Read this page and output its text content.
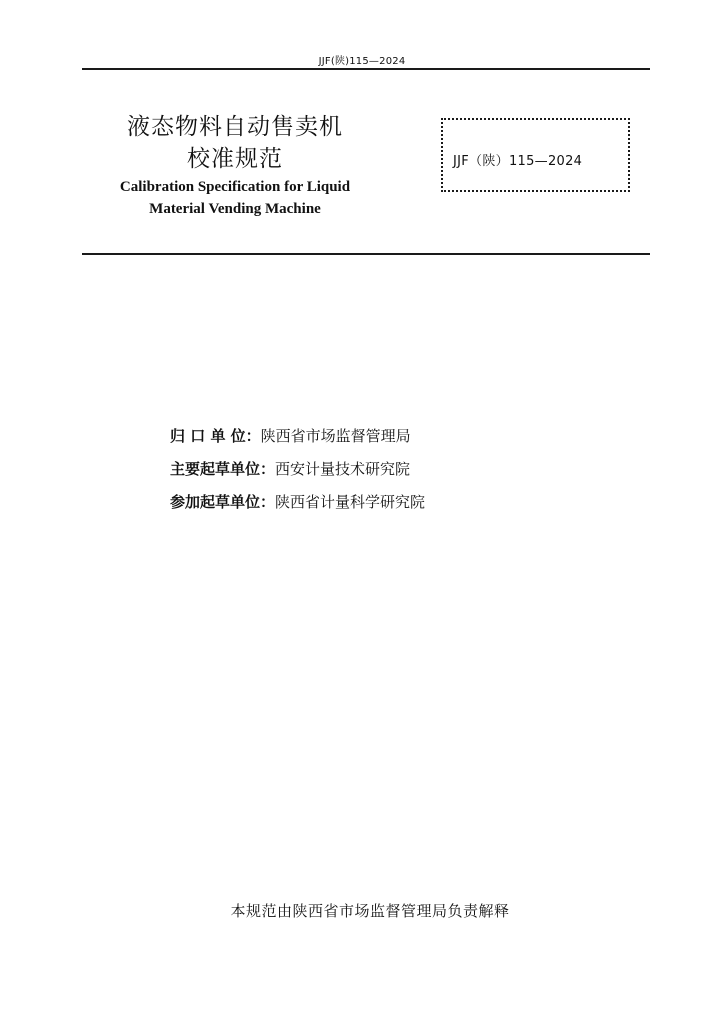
JJF(陕)115—2024
液态物料自动售卖机
校准规范
Calibration Specification for Liquid
Material Vending Machine
JJF（陕）115—2024
归 口 单 位：陕西省市场监督管理局
主要起草单位：西安计量技术研究院
参加起草单位：陕西省计量科学研究院
本规范由陕西省市场监督管理局负责解释
